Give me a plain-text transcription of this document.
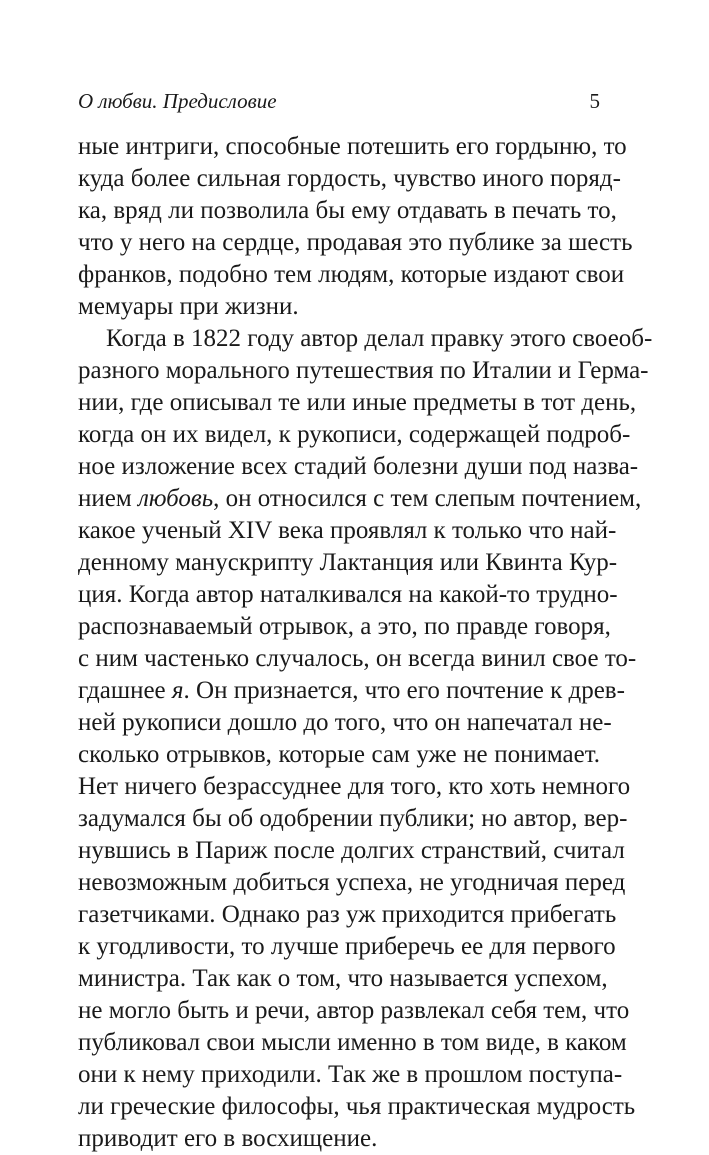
О любви. Предисловие	5
ные интриги, способные потешить его гордыню, то
куда более сильная гордость, чувство иного поряд-
ка, вряд ли позволила бы ему отдавать в печать то,
что у него на сердце, продавая это публике за шесть
франков, подобно тем людям, которые издают свои
мемуары при жизни.
Когда в 1822 году автор делал правку этого своеоб-
разного морального путешествия по Италии и Герма-
нии, где описывал те или иные предметы в тот день,
когда он их видел, к рукописи, содержащей подроб-
ное изложение всех стадий болезни души под назва-
нием любовь, он относился с тем слепым почтением,
какое ученый XIV века проявлял к только что най-
денному манускрипту Лактанция или Квинта Кур-
ция. Когда автор наталкивался на какой-то трудно-
распознаваемый отрывок, а это, по правде говоря,
с ним частенько случалось, он всегда винил свое то-
гдашнее я. Он признается, что его почтение к древ-
ней рукописи дошло до того, что он напечатал не-
сколько отрывков, которые сам уже не понимает.
Нет ничего безрассуднее для того, кто хоть немного
задумался бы об одобрении публики; но автор, вер-
нувшись в Париж после долгих странствий, считал
невозможным добиться успеха, не угодничая перед
газетчиками. Однако раз уж приходится прибегать
к угодливости, то лучше приберечь ее для первого
министра. Так как о том, что называется успехом,
не могло быть и речи, автор развлекал себя тем, что
публиковал свои мысли именно в том виде, в каком
они к нему приходили. Так же в прошлом поступа-
ли греческие философы, чья практическая мудрость
приводит его в восхищение.
